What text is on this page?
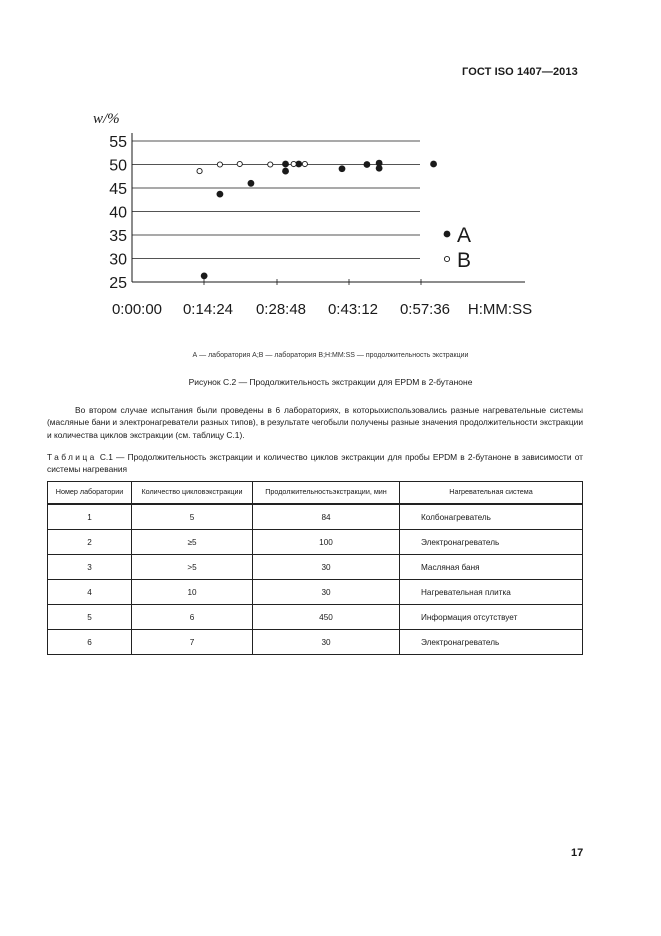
ГОСТ ISO 1407—2013
55
50
45
40
35
30
25
0:00:00 0:14:24 0:28:48 0:43:12 0:57:36
A
B
w/%
H:MM:SS
А — лаборатория А;В — лаборатория В;Н:ММ:SS — продолжительность экстракции
Рисунок С.2 — Продолжительность экстракции для EPDM в 2-бутаноне

Во втором случае испытания были проведены в 6 лабораториях, в которыхиспользовались разные нагревательные системы (масляные бани и электронагреватели разных типов), в результате чегобыли получены разные значения продолжительности экстракции и количества циклов экстракции (см. таблицу С.1).

Таблица С.1 — Продолжительность экстракции и количество циклов экстракции для пробы EPDM в 2-бутаноне в зависимости от системы нагревания
Номер лаборатории	Количество цикловэкстракции	Продолжительностьэкстракции, мин	Нагревательная система
1	5	84	Колбонагреватель
2	≥5	100	Электронагреватель
3	>5	30	Масляная баня
4	10	30	Нагревательная плитка
5	6	450	Информация отсутствует
6	7	30	Электронагреватель
17
